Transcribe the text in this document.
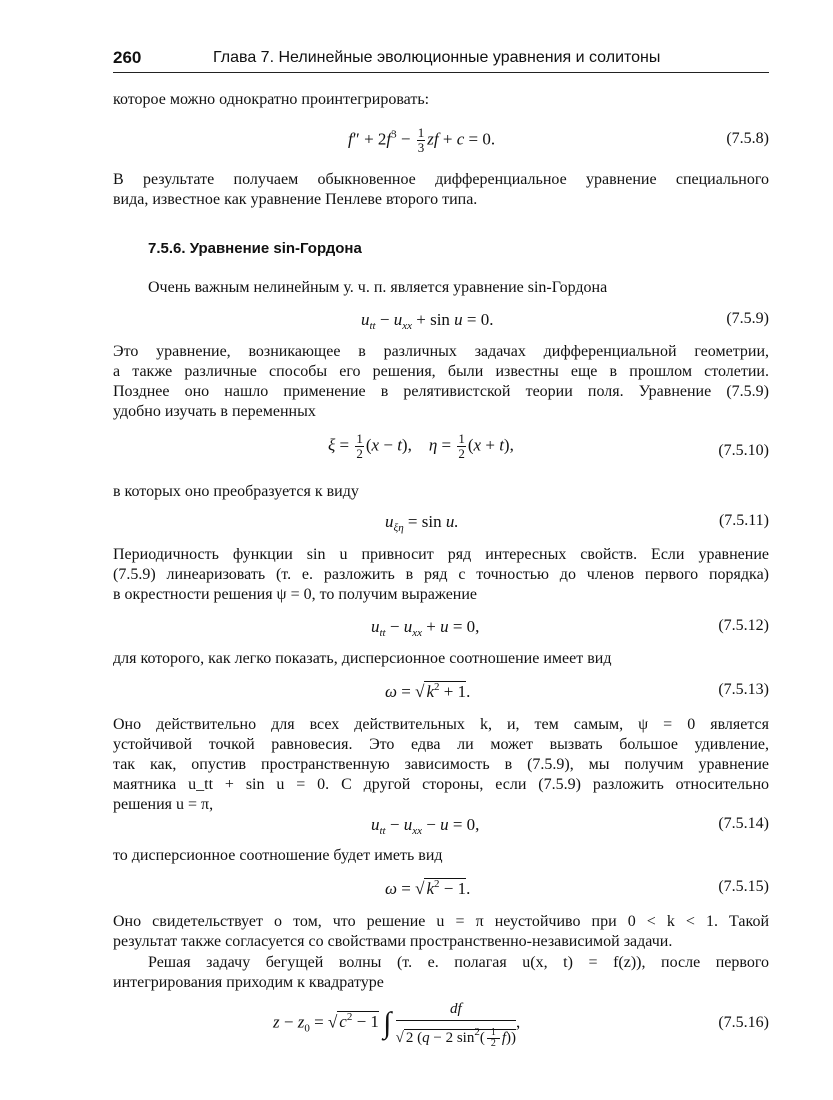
260	Глава 7. Нелинейные эволюционные уравнения и солитоны
которое можно однократно проинтегрировать:
$f'' + 2f^3 - \frac{1}{3}$ zf + c = 0.	(7.5.8)
В результате получаем обыкновенное дифференциальное уравнение специального
вида, известное как уравнение Пенлеве второго типа.
7.5.6. Уравнение sin-Гордона
Очень важным нелинейным у. ч. п. является уравнение sin-Гордона
$u_{tt} - u_{xx} + \sin u = 0$.	(7.5.9)
Это уравнение, возникающее в различных задачах дифференциальной геометрии,
а также различные способы его решения, были известны еще в прошлом столетии.
Позднее оно нашло применение в релятивистской теории поля. Уравнение (7.5.9)
удобно изучать в переменных
$\xi = \frac{1}{2} (x - t)$,    $\eta = \frac{1}{2} (x + t)$,	(7.5.10)
в которых оно преобразуется к виду
$u_{\xi\eta} = \sin u$.	(7.5.11)
Периодичность функции sin u привносит ряд интересных свойств. Если уравнение
(7.5.9) линеаризовать (т. е. разложить в ряд с точностью до членов первого порядка)
в окрестности решения ψ = 0, то получим выражение
$u_{tt} - u_{xx} + u = 0$,	(7.5.12)
для которого, как легко показать, дисперсионное соотношение имеет вид
ω = √ $k^2 + 1$.	(7.5.13)
Оно действительно для всех действительных k, и, тем самым, ψ = 0 является
устойчивой точкой равновесия. Это едва ли может вызвать большое удивление,
так как, опустив пространственную зависимость в (7.5.9), мы получим уравнение
маятника u_tt + sin u = 0. С другой стороны, если (7.5.9) разложить относительно
решения u = π,
$u_{tt} - u_{xx} - u = 0$,	(7.5.14)
то дисперсионное соотношение будет иметь вид
ω = √ $k^2 - 1$.	(7.5.15)
Оно свидетельствует о том, что решение u = π неустойчиво при 0 < k < 1. Такой
результат также согласуется со свойствами пространственно-независимой задачи.
Решая задачу бегущей волны (т. е. полагая u(x, t) = f(z)), после первого
интегрирования приходим к квадратуре
$z - z_0$ = √ $c^2 - 1$ ∫ $\frac{df}{√ 2 (q - 2 \sin^2( \frac{1}{2} f))}$ ,	(7.5.16)
